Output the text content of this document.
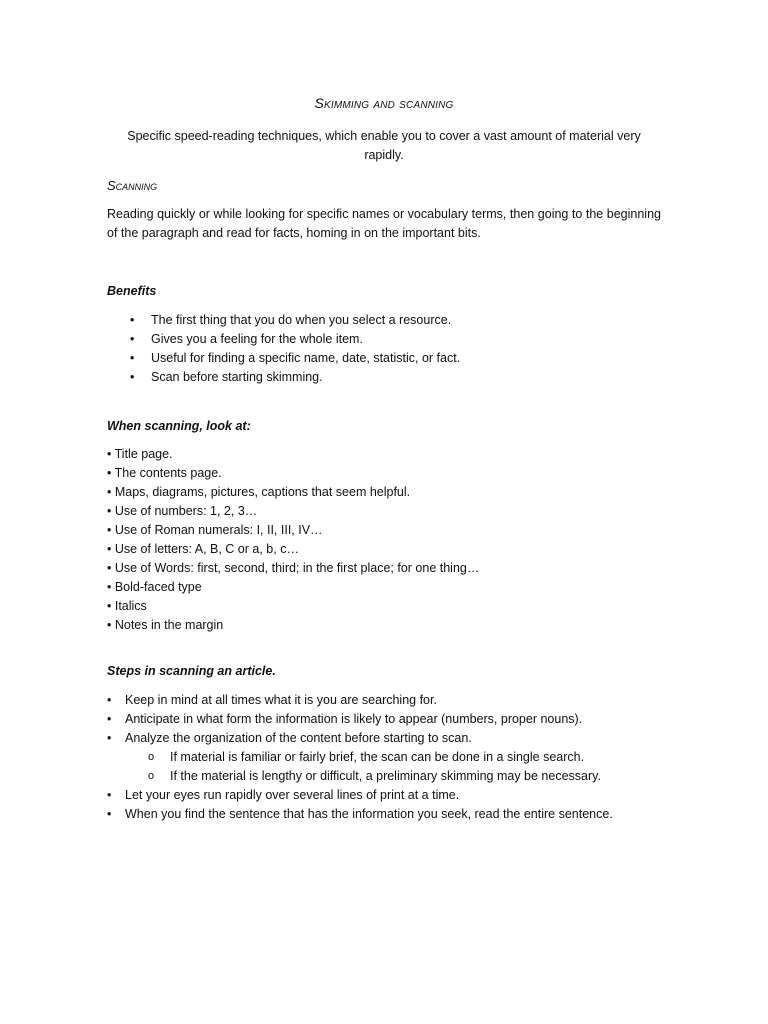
Skimming and scanning
Specific speed-reading techniques, which enable you to cover a vast amount of material very rapidly.
Scanning
Reading quickly or while looking for specific names or vocabulary terms, then going to the beginning of the paragraph and read for facts, homing in on the important bits.
Benefits
• The first thing that you do when you select a resource.
• Gives you a feeling for the whole item.
• Useful for finding a specific name, date, statistic, or fact.
• Scan before starting skimming.
When scanning, look at:
• Title page.
• The contents page.
• Maps, diagrams, pictures, captions that seem helpful.
• Use of numbers: 1, 2, 3…
• Use of Roman numerals: I, II, III, IV…
• Use of letters: A, B, C or a, b, c…
• Use of Words: first, second, third; in the first place; for one thing…
• Bold-faced type
• Italics
• Notes in the margin
Steps in scanning an article.
• Keep in mind at all times what it is you are searching for.
• Anticipate in what form the information is likely to appear (numbers, proper nouns).
• Analyze the organization of the content before starting to scan.
o If material is familiar or fairly brief, the scan can be done in a single search.
o If the material is lengthy or difficult, a preliminary skimming may be necessary.
• Let your eyes run rapidly over several lines of print at a time.
• When you find the sentence that has the information you seek, read the entire sentence.
